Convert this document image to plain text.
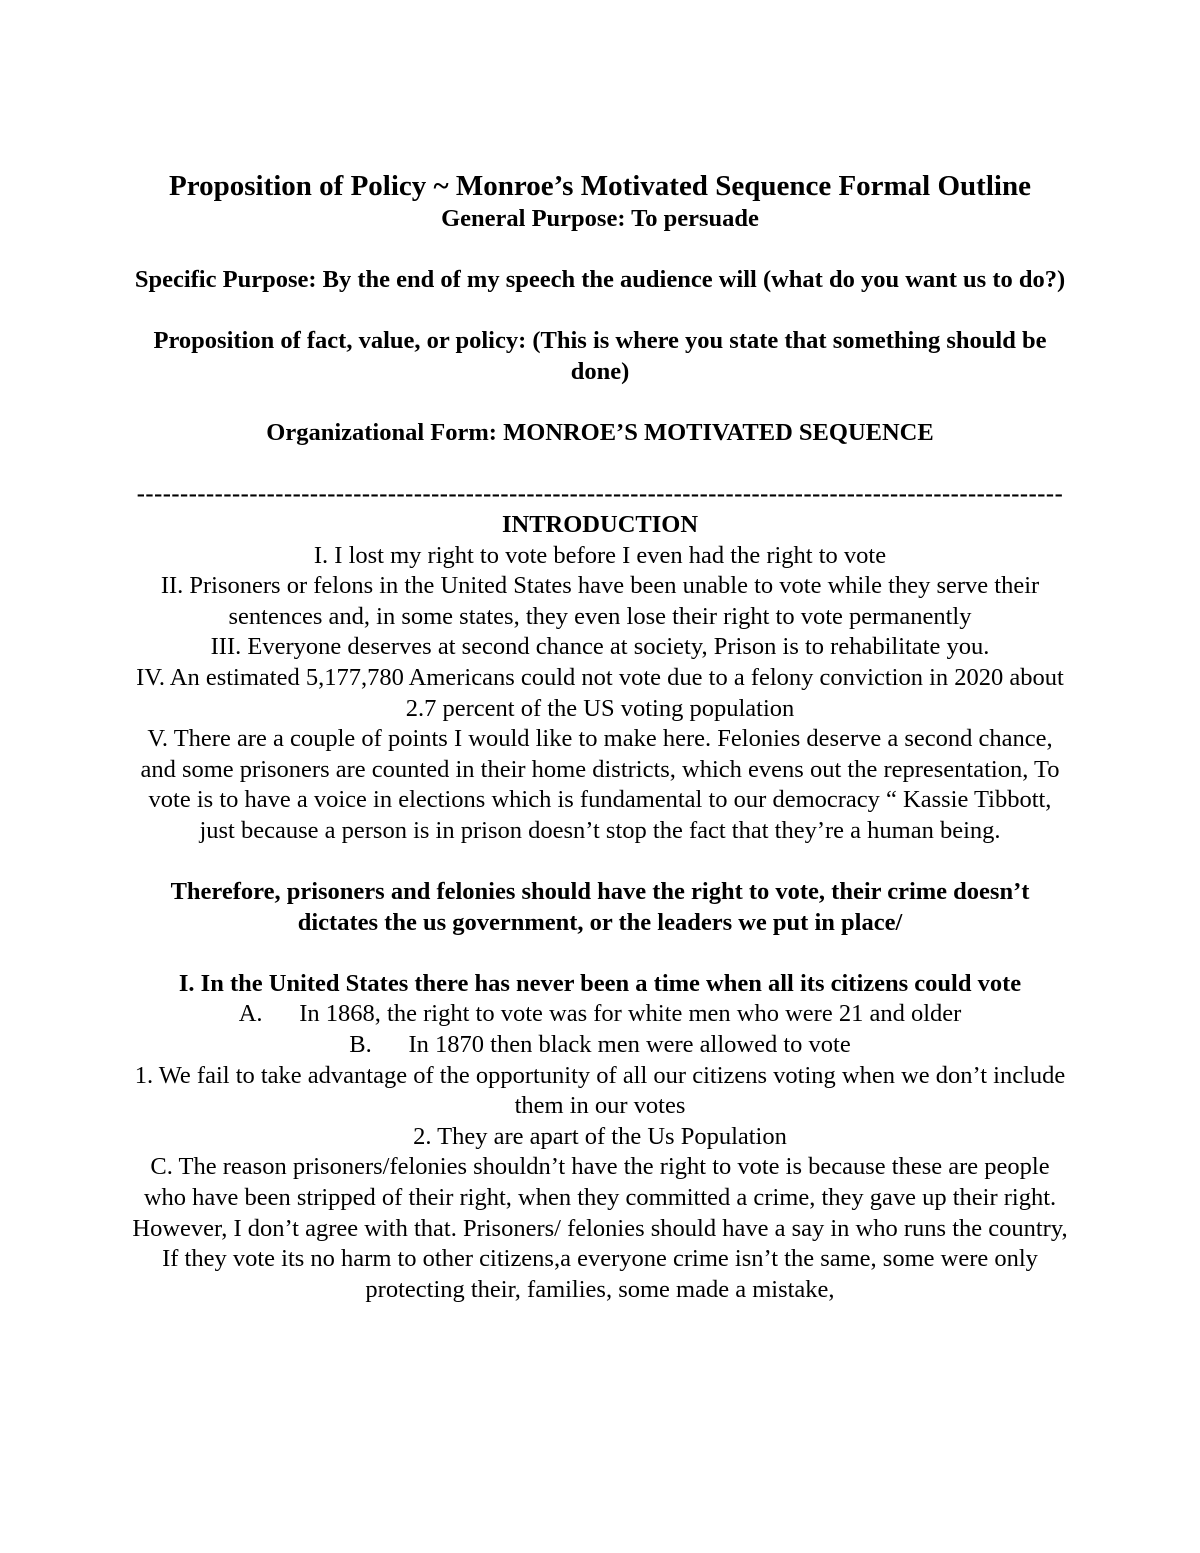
Proposition of Policy ~ Monroe’s Motivated Sequence Formal Outline

General Purpose: To persuade

Specific Purpose: By the end of my speech the audience will (what do you want us to do?)

Proposition of fact, value, or policy: (This is where you state that something should be done)

Organizational Form: MONROE’S MOTIVATED SEQUENCE

-----------------------------------------------------------------------------------------------------------

INTRODUCTION

I. I lost my right to vote before I even had the right to vote

II. Prisoners or felons in the United States have been unable to vote while they serve their sentences and, in some states, they even lose their right to vote permanently

III. Everyone deserves at second chance at society, Prison is to rehabilitate you.

IV. An estimated 5,177,780 Americans could not vote due to a felony conviction in 2020 about 2.7 percent of the US voting population

V. There are a couple of points I would like to make here. Felonies deserve a second chance, and some prisoners are counted in their home districts, which evens out the representation, To vote is to have a voice in elections which is fundamental to our democracy “ Kassie Tibbott, just because a person is in prison doesn’t stop the fact that they’re a human being.

Therefore, prisoners and felonies should have the right to vote, their crime doesn’t dictates the us government, or the leaders we put in place/

I. In the United States there has never been a time when all its citizens could vote

A.      In 1868, the right to vote was for white men who were 21 and older

B.      In 1870 then black men were allowed to vote

1. We fail to take advantage of the opportunity of all our citizens voting when we don’t include them in our votes

2. They are apart of the Us Population

C. The reason prisoners/felonies shouldn’t have the right to vote is because these are people who have been stripped of their right, when they committed a crime, they gave up their right.

However, I don’t agree with that. Prisoners/ felonies should have a say in who runs the country, If they vote its no harm to other citizens,a everyone crime isn’t the same, some were only protecting their, families, some made a mistake,
